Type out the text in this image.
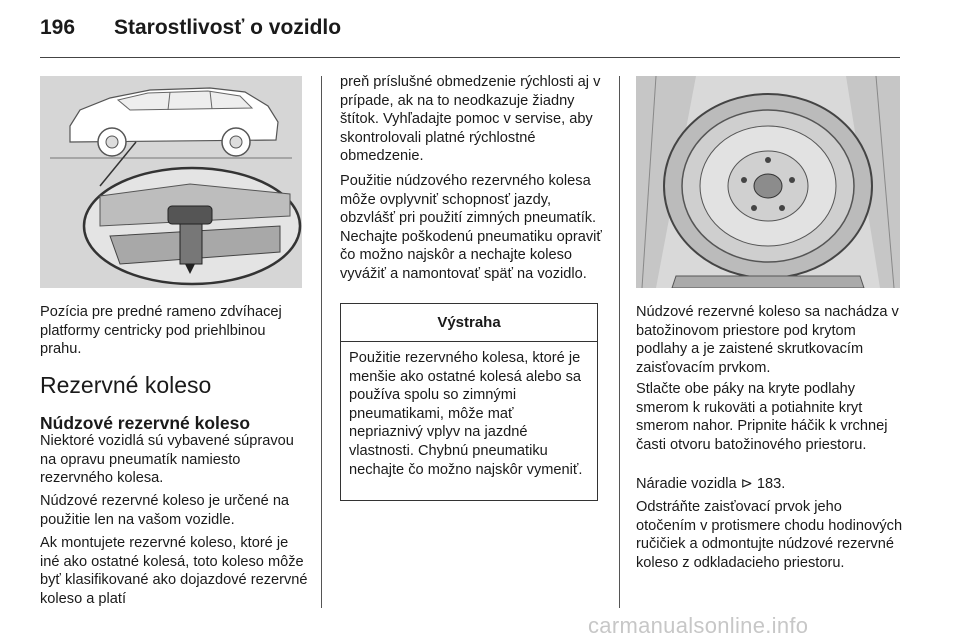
196 Starostlivosť o vozidlo

Pozícia pre predné rameno zdvíhacej platformy centricky pod priehlbinou prahu.

Rezervné koleso
Núdzové rezervné koleso

Niektoré vozidlá sú vybavené súpravou na opravu pneumatík namiesto rezervného kolesa.

Núdzové rezervné koleso je určené na použitie len na vašom vozidle.

Ak montujete rezervné koleso, ktoré je iné ako ostatné kolesá, toto koleso môže byť klasifikované ako dojazdové rezervné koleso a platí

preň príslušné obmedzenie rýchlosti aj v prípade, ak na to neodkazuje žiadny štítok. Vyhľadajte pomoc v servise, aby skontrolovali platné rýchlostné obmedzenie.

Použitie núdzového rezervného kolesa môže ovplyvniť schopnosť jazdy, obzvlášť pri použití zimných pneumatík. Nechajte poškodenú pneumatiku opraviť čo možno najskôr a nechajte koleso vyvážiť a namontovať späť na vozidlo.

Výstraha

Použitie rezervného kolesa, ktoré je menšie ako ostatné kolesá alebo sa používa spolu so zimnými pneumatikami, môže mať nepriaznivý vplyv na jazdné vlastnosti. Chybnú pneumatiku nechajte čo možno najskôr vymeniť.

Núdzové rezervné koleso sa nachádza v batožinovom priestore pod krytom podlahy a je zaistené skrutkovacím zaisťovacím prvkom.

Stlačte obe páky na kryte podlahy smerom k rukoväti a potiahnite kryt smerom nahor. Pripnite háčik k vrchnej časti otvoru batožinového priestoru.

Náradie vozidla ⊳ 183.

Odstráňte zaisťovací prvok jeho otočením v protismere chodu hodinových ručičiek a odmontujte núdzové rezervné koleso z odkladacieho priestoru.

carmanualsonline.info
